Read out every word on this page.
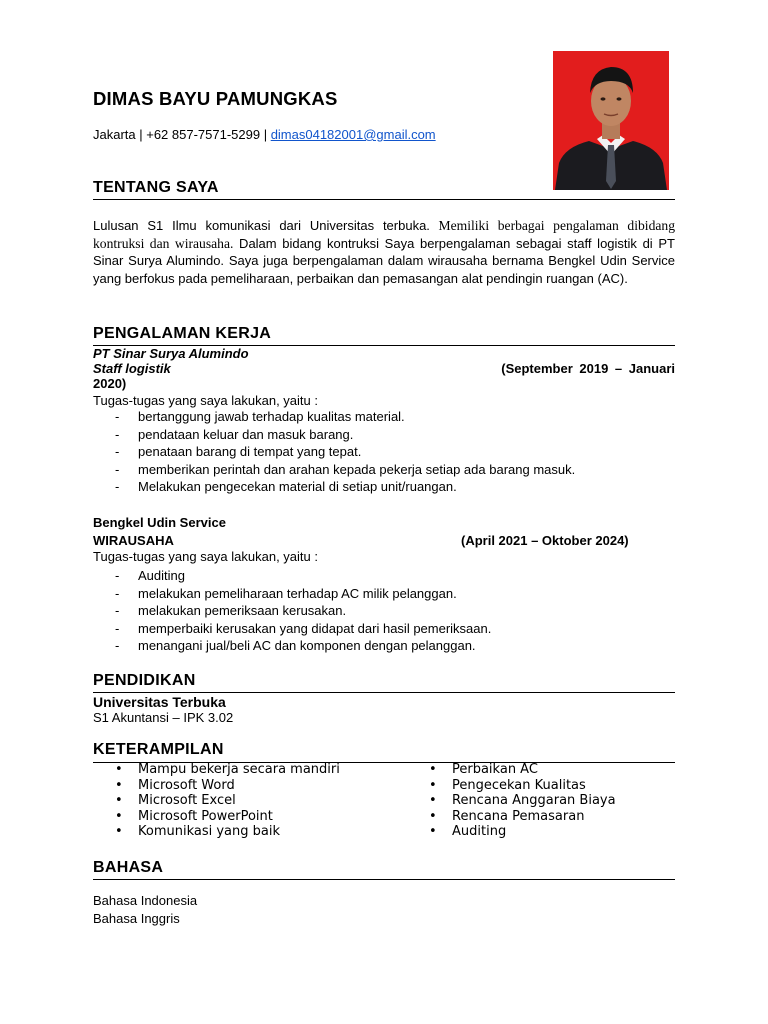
DIMAS BAYU PAMUNGKAS
Jakarta | +62 857-7571-5299 | dimas04182001@gmail.com
TENTANG SAYA
Lulusan S1 Ilmu komunikasi dari Universitas terbuka. Memiliki berbagai pengalaman dibidang kontruksi dan wirausaha. Dalam bidang kontruksi Saya berpengalaman sebagai staff logistik di PT Sinar Surya Alumindo. Saya juga berpengalaman dalam wirausaha bernama Bengkel Udin Service yang berfokus pada pemeliharaan, perbaikan dan pemasangan alat pendingin ruangan (AC).
PENGALAMAN KERJA
PT Sinar Surya Alumindo
Staff logistik	(September 2019 – Januari
2020)
Tugas-tugas yang saya lakukan, yaitu :
- bertanggung jawab terhadap kualitas material.
- pendataan keluar dan masuk barang.
- penataan barang di tempat yang tepat.
- memberikan perintah dan arahan kepada pekerja setiap ada barang masuk.
- Melakukan pengecekan material di setiap unit/ruangan.
Bengkel Udin Service
WIRAUSAHA	(April 2021 – Oktober 2024)
Tugas-tugas yang saya lakukan, yaitu :
- Auditing
- melakukan pemeliharaan terhadap AC milik pelanggan.
- melakukan pemeriksaan kerusakan.
- memperbaiki kerusakan yang didapat dari hasil pemeriksaan.
- menangani jual/beli AC dan komponen dengan pelanggan.
PENDIDIKAN
Universitas Terbuka
S1 Akuntansi – IPK 3.02
KETERAMPILAN
• Mampu bekerja secara mandiri
• Microsoft Word
• Microsoft Excel
• Microsoft PowerPoint
• Komunikasi yang baik
• Perbaikan AC
• Pengecekan Kualitas
• Rencana Anggaran Biaya
• Rencana Pemasaran
• Auditing
BAHASA
Bahasa Indonesia
Bahasa Inggris
